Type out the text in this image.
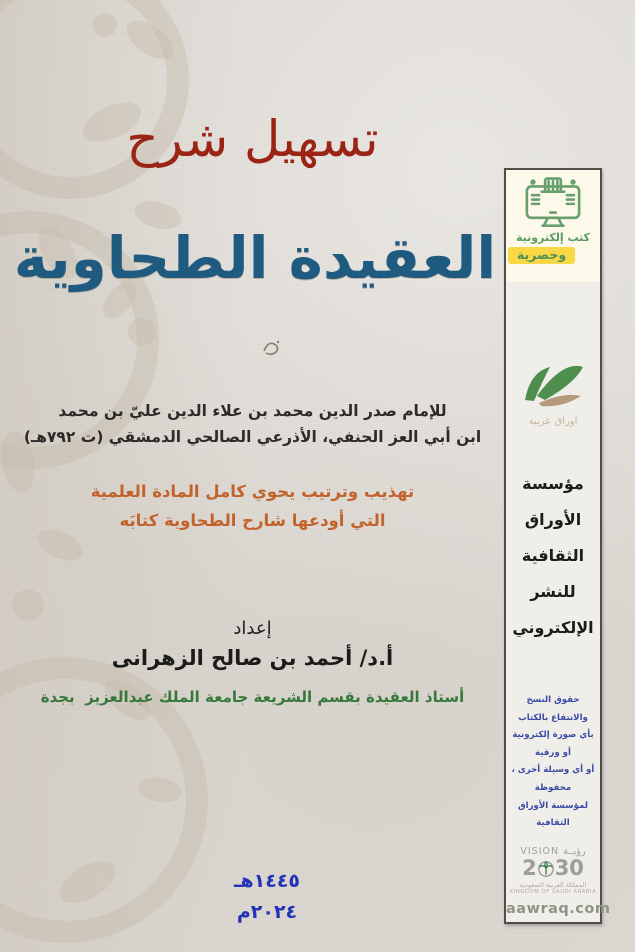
تسهيل شرح
العقيدة الطحاوية
للإمام صدر الدين محمد بن علاء الدين عليّ بن محمد
ابن أبي العز الحنفي، الأذرعي الصالحي الدمشقي (ت ٧٩٢هـ)
تهذيب وترتيب يحوي كامل المادة العلمية
التي أودعها شارح الطحاوية كتابَه
إعداد
أ.د/ أحمد بن صالح الزهرانى
أستاذ العقيدة بقسم الشريعة جامعة الملك عبدالعزيز  بجدة
١٤٤٥هـ
٢٠٢٤م
كتب إلكترونية
وحصرية
اوراق عربية
مؤسسة
الأوراق
الثقافية
للنشر
الإلكتروني
حقوق النسخ والانتفاع بالكتاب
بأي صورة إلكترونية أو ورقية
أو أي وسيلة أخرى ، محفوظة
لمؤسسة الأوراق الثقافية
VISION رؤيــة
2 30
المملكة العربية السعودية
KINGDOM OF SAUDI ARABIA
aawraq.com
